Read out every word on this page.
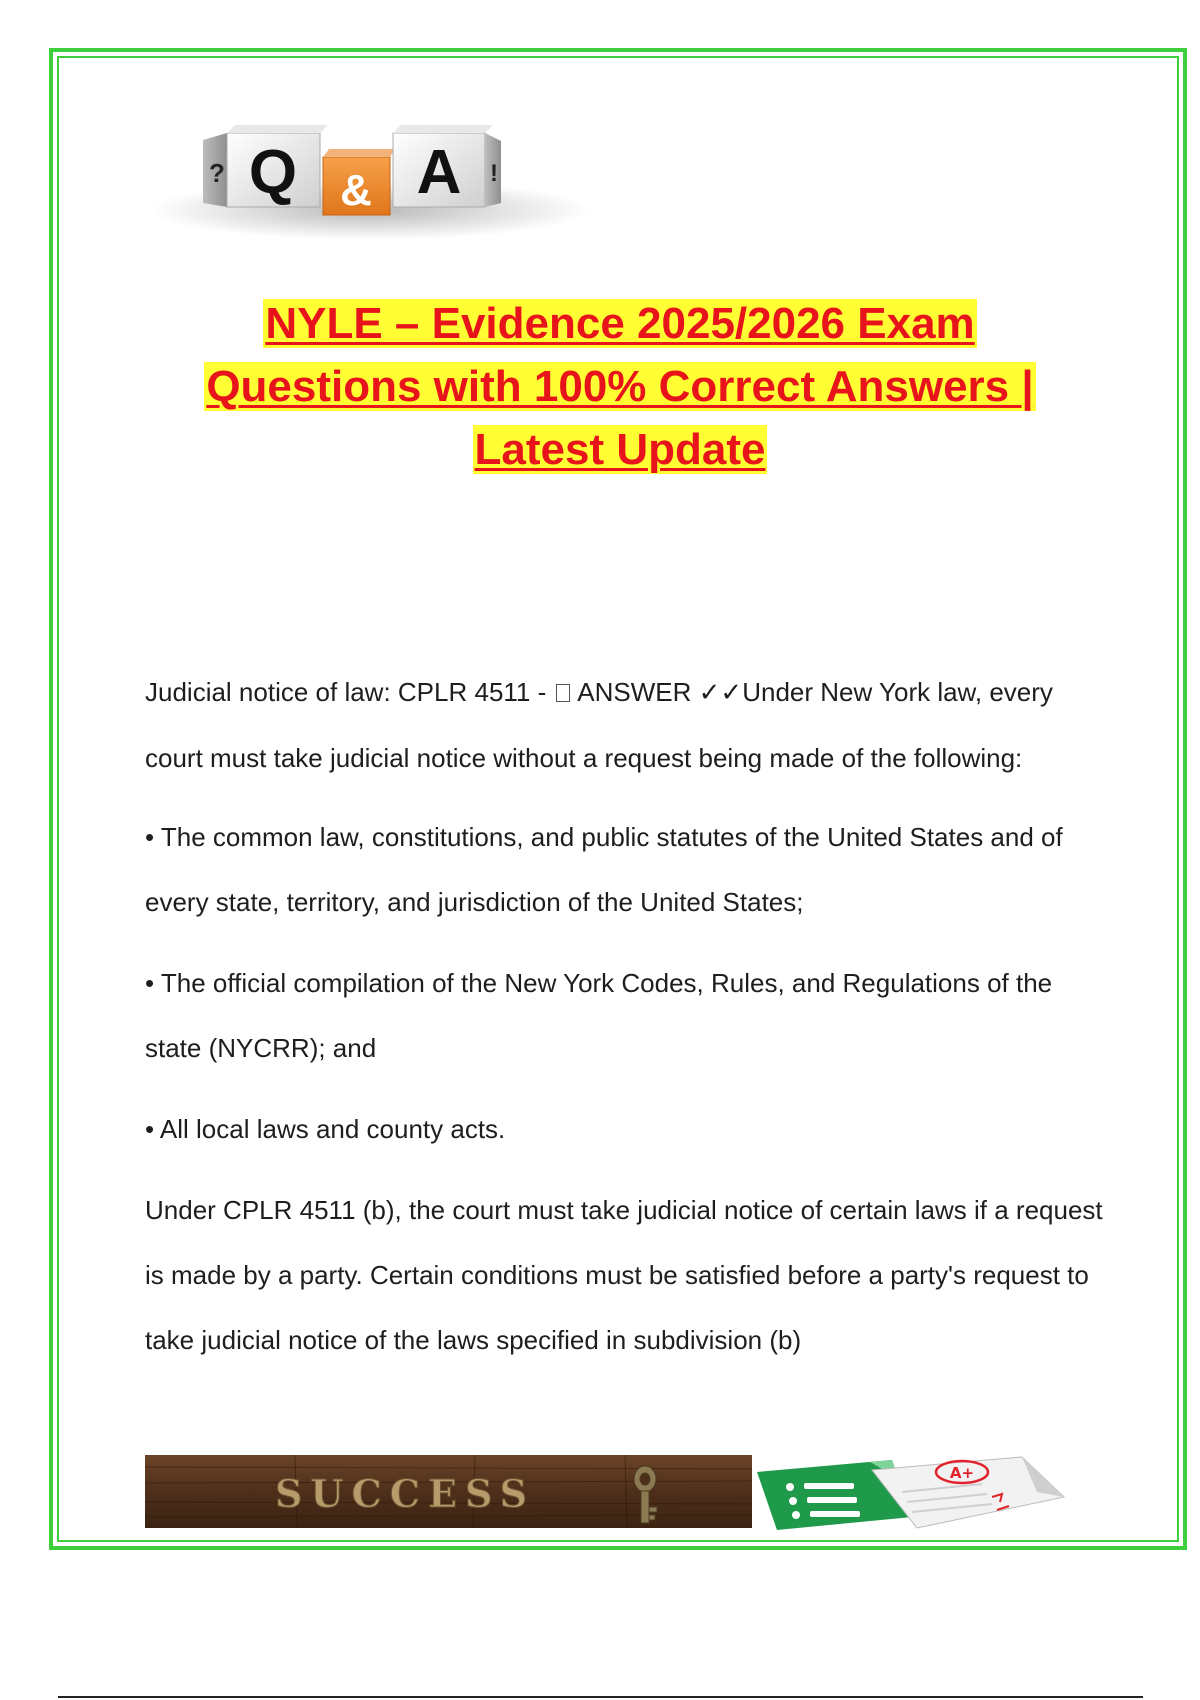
? Q & A !
NYLE – Evidence 2025/2026 Exam
Questions with 100% Correct Answers |
Latest Update

Judicial notice of law: CPLR 4511 -  ANSWER ✓✓Under New York law, every court must take judicial notice without a request being made of the following:

• The common law, constitutions, and public statutes of the United States and of every state, territory, and jurisdiction of the United States;

• The official compilation of the New York Codes, Rules, and Regulations of the state (NYCRR); and

• All local laws and county acts.

Under CPLR 4511 (b), the court must take judicial notice of certain laws if a request is made by a party. Certain conditions must be satisfied before a party's request to take judicial notice of the laws specified in subdivision (b)

SUCCESS	A+
